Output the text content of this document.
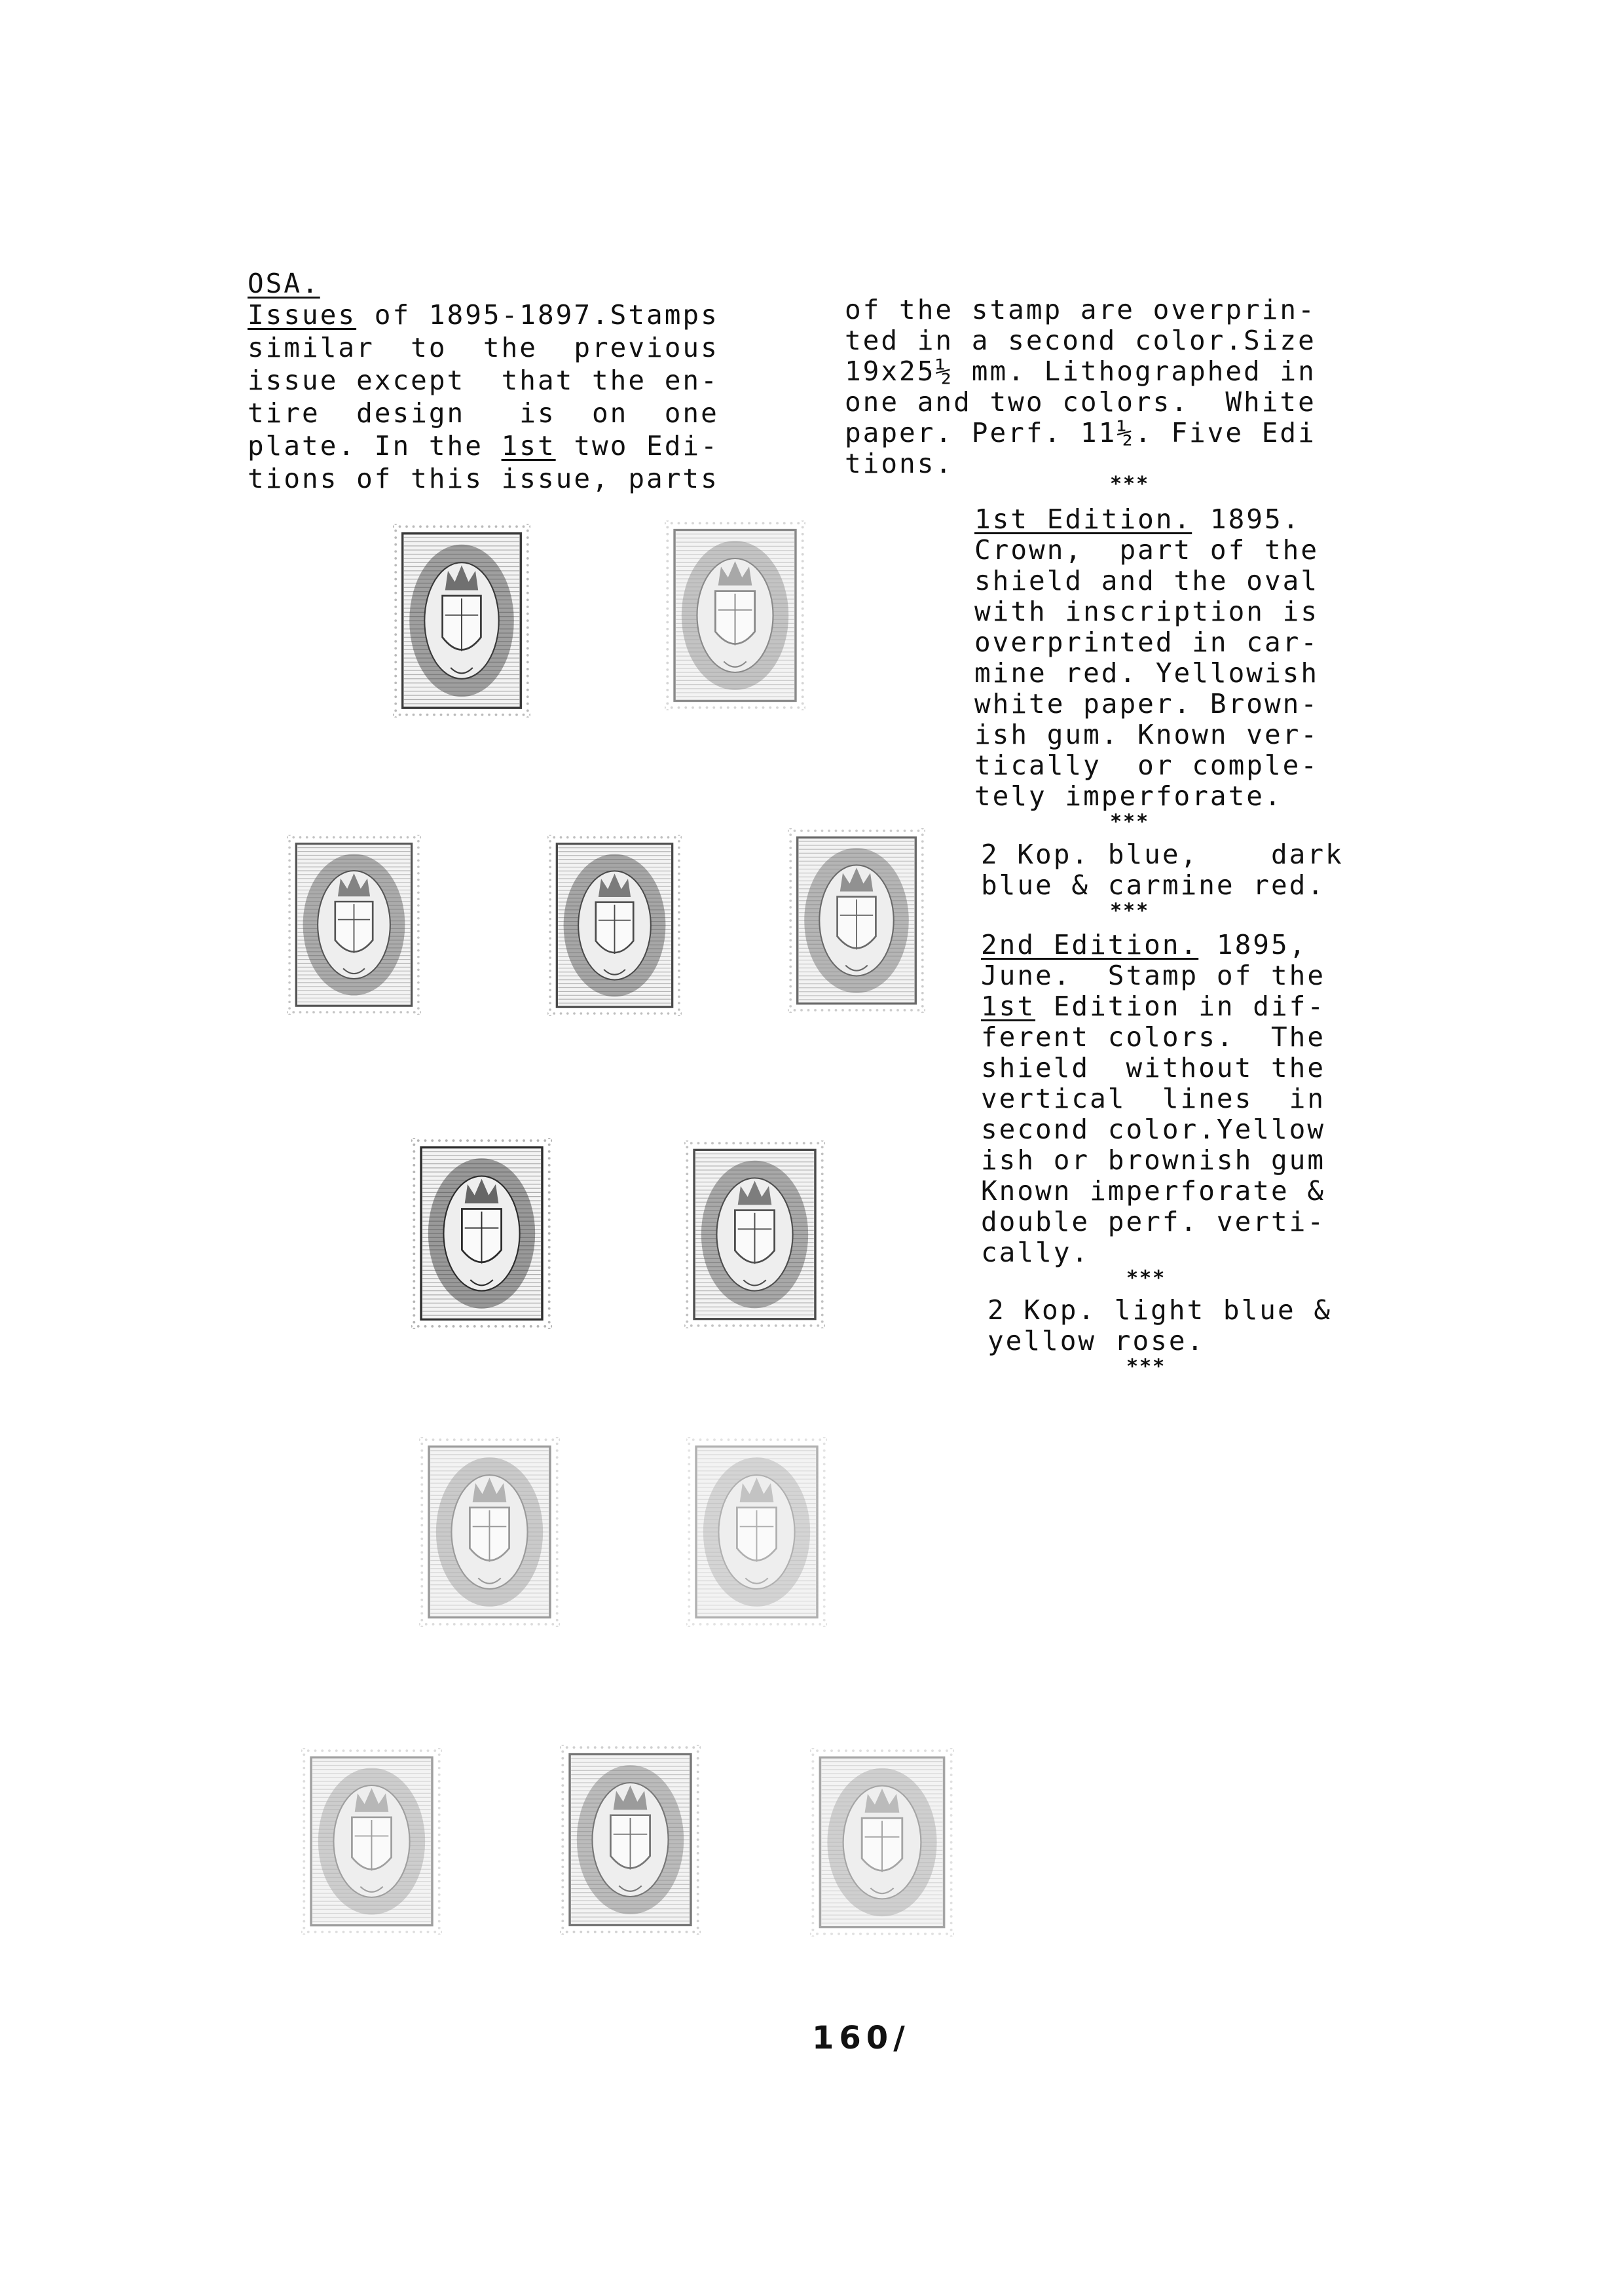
OSA.
Issues of 1895-1897.Stamps
similar  to  the  previous
issue except  that the en-
tire  design   is  on  one
plate. In the 1st two Edi-
tions of this issue, parts
of the stamp are overprin-
ted in a second color.Size
19x25½ mm. Lithographed in
one and two colors.  White
paper. Perf. 11½. Five Edi
tions.
***
1st Edition. 1895.
Crown,  part of the
shield and the oval
with inscription is
overprinted in car-
mine red. Yellowish
white paper. Brown-
ish gum. Known ver-
tically  or comple-
tely imperforate.
***
2 Kop. blue,    dark
blue & carmine red.
***
2nd Edition. 1895,
June.  Stamp of the
1st Edition in dif-
ferent colors.  The
shield  without the
vertical  lines  in
second color.Yellow
ish or brownish gum
Known imperforate &
double perf. verti-
cally.
***
2 Kop. light blue &
yellow rose.
***
160/
